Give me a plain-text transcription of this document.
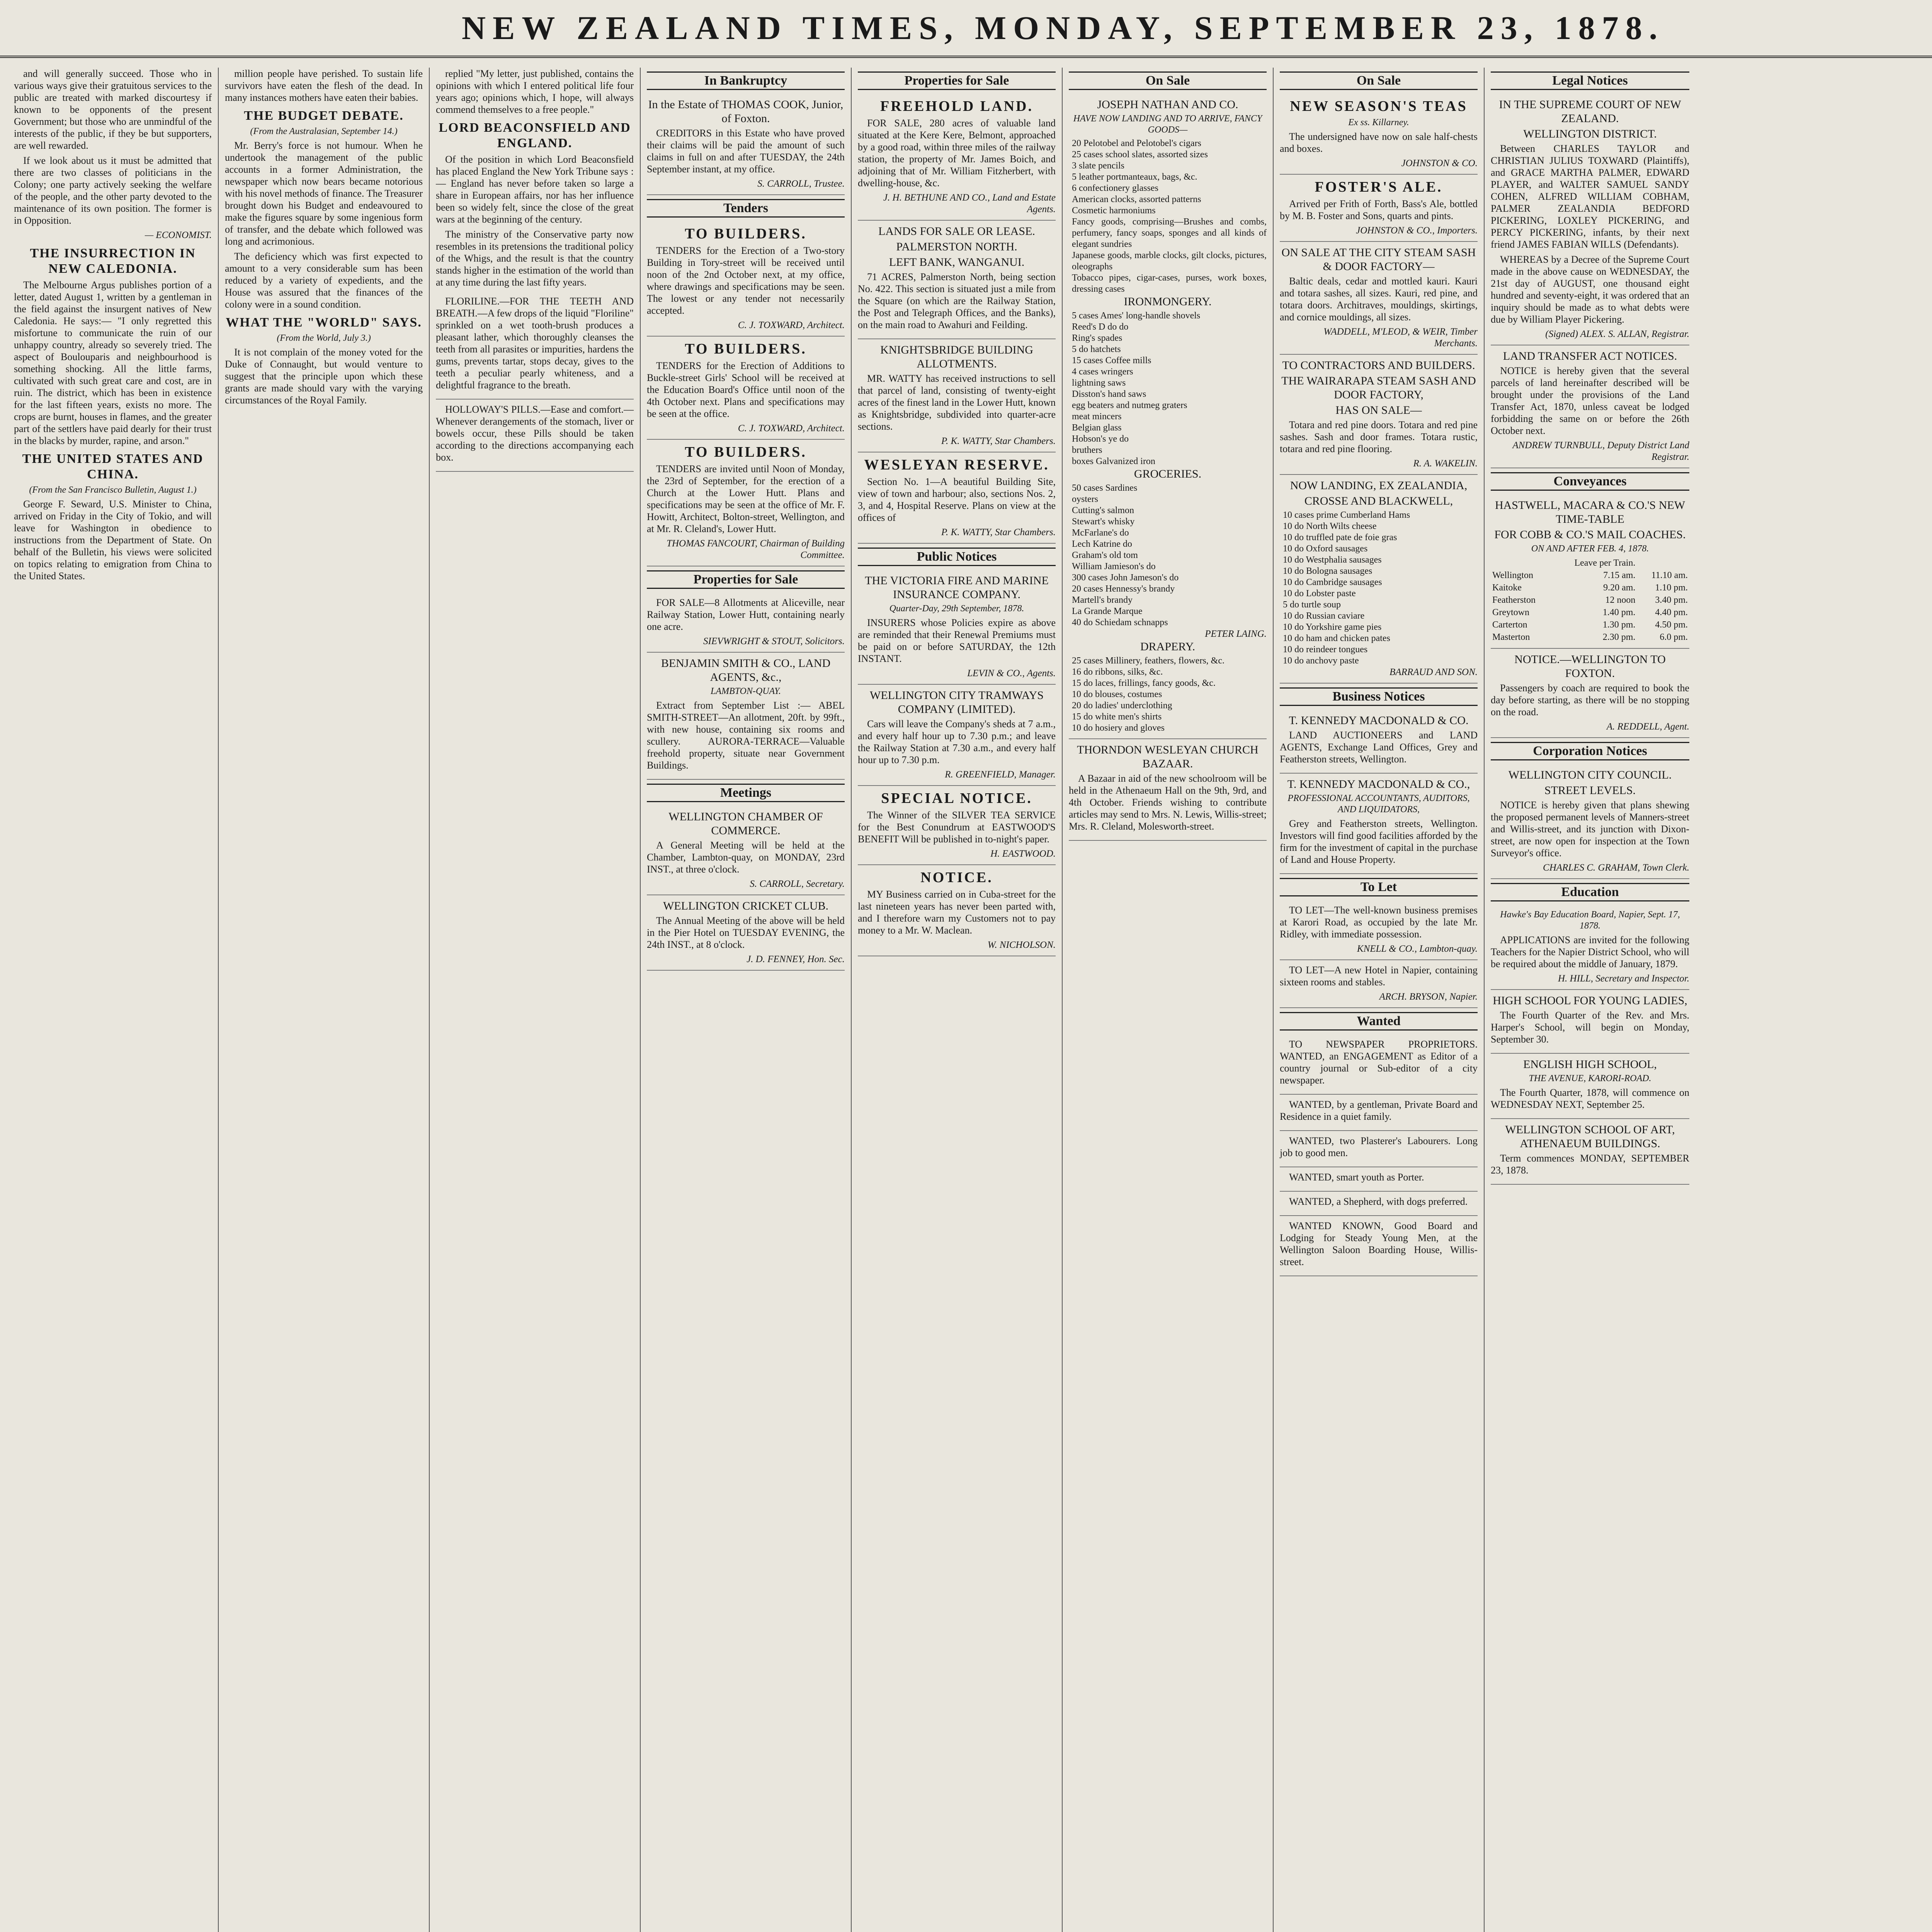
NEW ZEALAND TIMES, MONDAY, SEPTEMBER 23, 1878.

and will generally succeed. Those who in various ways give their gratuitous services to the public are treated with marked discourtesy if known to be opponents of the present Government; but those who are unmindful of the interests of the public, if they be but supporters, are well rewarded.

If we look about us it must be admitted that there are two classes of politicians in the Colony; one party actively seeking the welfare of the people, and the other party devoted to the maintenance of its own position. The former is in Opposition.

— ECONOMIST.
THE INSURRECTION IN NEW CALEDONIA.

The Melbourne Argus publishes portion of a letter, dated August 1, written by a gentleman in the field against the insurgent natives of New Caledonia. He says:— "I only regretted this misfortune to communicate the ruin of our unhappy country, already so severely tried. The aspect of Boulouparis and neighbourhood is something shocking. All the little farms, cultivated with such great care and cost, are in ruin. The district, which has been in existence for the last fifteen years, exists no more. The crops are burnt, houses in flames, and the greater part of the settlers have paid dearly for their trust in the blacks by murder, rapine, and arson."

THE UNITED STATES AND CHINA.
(From the San Francisco Bulletin, August 1.)

George F. Seward, U.S. Minister to China, arrived on Friday in the City of Tokio, and will leave for Washington in obedience to instructions from the Department of State. On behalf of the Bulletin, his views were solicited on topics relating to emigration from China to the United States.

million people have perished. To sustain life survivors have eaten the flesh of the dead. In many instances mothers have eaten their babies.

THE BUDGET DEBATE.
(From the Australasian, September 14.)

Mr. Berry's force is not humour. When he undertook the management of the public accounts in a former Administration, the newspaper which now bears became notorious with his novel methods of finance. The Treasurer brought down his Budget and endeavoured to make the figures square by some ingenious form of transfer, and the debate which followed was long and acrimonious.

The deficiency which was first expected to amount to a very considerable sum has been reduced by a variety of expedients, and the House was assured that the finances of the colony were in a sound condition.

WHAT THE "WORLD" SAYS.
(From the World, July 3.)

It is not complain of the money voted for the Duke of Connaught, but would venture to suggest that the principle upon which these grants are made should vary with the varying circumstances of the Royal Family.

replied "My letter, just published, contains the opinions with which I entered political life four years ago; opinions which, I hope, will always commend themselves to a free people."

LORD BEACONSFIELD AND ENGLAND.

Of the position in which Lord Beaconsfield has placed England the New York Tribune says :— England has never before taken so large a share in European affairs, nor has her influence been so widely felt, since the close of the great wars at the beginning of the century.

The ministry of the Conservative party now resembles in its pretensions the traditional policy of the Whigs, and the result is that the country stands higher in the estimation of the world than at any time during the last fifty years.

FLORILINE.—FOR THE TEETH AND BREATH.—A few drops of the liquid "Floriline" sprinkled on a wet tooth-brush produces a pleasant lather, which thoroughly cleanses the teeth from all parasites or impurities, hardens the gums, prevents tartar, stops decay, gives to the teeth a peculiar pearly whiteness, and a delightful fragrance to the breath.

HOLLOWAY'S PILLS.—Ease and comfort.—Whenever derangements of the stomach, liver or bowels occur, these Pills should be taken according to the directions accompanying each box.

In Bankruptcy
In the Estate of THOMAS COOK, Junior, of Foxton.

CREDITORS in this Estate who have proved their claims will be paid the amount of such claims in full on and after TUESDAY, the 24th September instant, at my office.

S. CARROLL, Trustee.
Tenders
TO BUILDERS.

TENDERS for the Erection of a Two-story Building in Tory-street will be received until noon of the 2nd October next, at my office, where drawings and specifications may be seen. The lowest or any tender not necessarily accepted.

C. J. TOXWARD, Architect.
TO BUILDERS.

TENDERS for the Erection of Additions to Buckle-street Girls' School will be received at the Education Board's Office until noon of the 4th October next. Plans and specifications may be seen at the office.

C. J. TOXWARD, Architect.
TO BUILDERS.

TENDERS are invited until Noon of Monday, the 23rd of September, for the erection of a Church at the Lower Hutt. Plans and specifications may be seen at the office of Mr. F. Howitt, Architect, Bolton-street, Wellington, and at Mr. R. Cleland's, Lower Hutt.

THOMAS FANCOURT, Chairman of Building Committee.
Properties for Sale

FOR SALE—8 Allotments at Aliceville, near Railway Station, Lower Hutt, containing nearly one acre.

SIEVWRIGHT & STOUT, Solicitors.
BENJAMIN SMITH & CO., LAND AGENTS, &c.,
LAMBTON-QUAY.

Extract from September List :— ABEL SMITH-STREET—An allotment, 20ft. by 99ft., with new house, containing six rooms and scullery. AURORA-TERRACE—Valuable freehold property, situate near Government Buildings.

Meetings
WELLINGTON CHAMBER OF COMMERCE.

A General Meeting will be held at the Chamber, Lambton-quay, on MONDAY, 23rd INST., at three o'clock.

S. CARROLL, Secretary.
WELLINGTON CRICKET CLUB.

The Annual Meeting of the above will be held in the Pier Hotel on TUESDAY EVENING, the 24th INST., at 8 o'clock.

J. D. FENNEY, Hon. Sec.
Properties for Sale
FREEHOLD LAND.

FOR SALE, 280 acres of valuable land situated at the Kere Kere, Belmont, approached by a good road, within three miles of the railway station, the property of Mr. James Boich, and adjoining that of Mr. William Fitzherbert, with dwelling-house, &c.

J. H. BETHUNE AND CO., Land and Estate Agents.
LANDS FOR SALE OR LEASE.
PALMERSTON NORTH.
LEFT BANK, WANGANUI.

71 ACRES, Palmerston North, being section No. 422. This section is situated just a mile from the Square (on which are the Railway Station, the Post and Telegraph Offices, and the Banks), on the main road to Awahuri and Feilding.

KNIGHTSBRIDGE BUILDING ALLOTMENTS.

MR. WATTY has received instructions to sell that parcel of land, consisting of twenty-eight acres of the finest land in the Lower Hutt, known as Knightsbridge, subdivided into quarter-acre sections.

P. K. WATTY, Star Chambers.
WESLEYAN RESERVE.

Section No. 1—A beautiful Building Site, view of town and harbour; also, sections Nos. 2, 3, and 4, Hospital Reserve. Plans on view at the offices of

P. K. WATTY, Star Chambers.
Public Notices
THE VICTORIA FIRE AND MARINE INSURANCE COMPANY.
Quarter-Day, 29th September, 1878.

INSURERS whose Policies expire as above are reminded that their Renewal Premiums must be paid on or before SATURDAY, the 12th INSTANT.

LEVIN & CO., Agents.
WELLINGTON CITY TRAMWAYS COMPANY (LIMITED).

Cars will leave the Company's sheds at 7 a.m., and every half hour up to 7.30 p.m.; and leave the Railway Station at 7.30 a.m., and every half hour up to 7.30 p.m.

R. GREENFIELD, Manager.
SPECIAL NOTICE.

The Winner of the SILVER TEA SERVICE for the Best Conundrum at EASTWOOD'S BENEFIT Will be published in to-night's paper.

H. EASTWOOD.
NOTICE.

MY Business carried on in Cuba-street for the last nineteen years has never been parted with, and I therefore warn my Customers not to pay money to a Mr. W. Maclean.

W. NICHOLSON.
On Sale
JOSEPH NATHAN AND CO.
HAVE NOW LANDING AND TO ARRIVE, FANCY GOODS—
20 Pelotobel and Pelotobel's cigars
25 cases school slates, assorted sizes
3 slate pencils
5 leather portmanteaux, bags, &c.
6 confectionery glasses
American clocks, assorted patterns
Cosmetic harmoniums
Fancy goods, comprising—Brushes and combs, perfumery, fancy soaps, sponges and all kinds of elegant sundries
Japanese goods, marble clocks, gilt clocks, pictures, oleographs
Tobacco pipes, cigar-cases, purses, work boxes, dressing cases
IRONMONGERY.
5 cases Ames' long-handle shovels
Reed's D do do
Ring's spades
5 do hatchets
15 cases Coffee mills
4 cases wringers
lightning saws
Disston's hand saws
egg beaters and nutmeg graters
meat mincers
Belgian glass
Hobson's ye do
bruthers
boxes Galvanized iron
GROCERIES.
50 cases Sardines
oysters
Cutting's salmon
Stewart's whisky
McFarlane's do
Lech Katrine do
Graham's old tom
William Jamieson's do
300 cases John Jameson's do
20 cases Hennessy's brandy
Martell's brandy
La Grande Marque
40 do Schiedam schnapps
PETER LAING.
DRAPERY.
25 cases Millinery, feathers, flowers, &c.
16 do ribbons, silks, &c.
15 do laces, frillings, fancy goods, &c.
10 do blouses, costumes
20 do ladies' underclothing
15 do white men's shirts
10 do hosiery and gloves
THORNDON WESLEYAN CHURCH BAZAAR.

A Bazaar in aid of the new schoolroom will be held in the Athenaeum Hall on the 9th, 9rd, and 4th October. Friends wishing to contribute articles may send to Mrs. N. Lewis, Willis-street; Mrs. R. Cleland, Molesworth-street.

On Sale
NEW SEASON'S TEAS
Ex ss. Killarney.

The undersigned have now on sale half-chests and boxes.

JOHNSTON & CO.
FOSTER'S ALE.

Arrived per Frith of Forth, Bass's Ale, bottled by M. B. Foster and Sons, quarts and pints.

JOHNSTON & CO., Importers.
ON SALE AT THE CITY STEAM SASH & DOOR FACTORY—

Baltic deals, cedar and mottled kauri. Kauri and totara sashes, all sizes. Kauri, red pine, and totara doors. Architraves, mouldings, skirtings, and cornice mouldings, all sizes.

WADDELL, M'LEOD, & WEIR, Timber Merchants.
TO CONTRACTORS AND BUILDERS.
THE WAIRARAPA STEAM SASH AND DOOR FACTORY,
HAS ON SALE—

Totara and red pine doors. Totara and red pine sashes. Sash and door frames. Totara rustic, totara and red pine flooring.

R. A. WAKELIN.
NOW LANDING, EX ZEALANDIA,
CROSSE AND BLACKWELL,
10 cases prime Cumberland Hams
10 do North Wilts cheese
10 do truffled pate de foie gras
10 do Oxford sausages
10 do Westphalia sausages
10 do Bologna sausages
10 do Cambridge sausages
10 do Lobster paste
5 do turtle soup
10 do Russian caviare
10 do Yorkshire game pies
10 do ham and chicken pates
10 do reindeer tongues
10 do anchovy paste
BARRAUD AND SON.
Business Notices
T. KENNEDY MACDONALD & CO.

LAND AUCTIONEERS and LAND AGENTS, Exchange Land Offices, Grey and Featherston streets, Wellington.

T. KENNEDY MACDONALD & CO.,
PROFESSIONAL ACCOUNTANTS, AUDITORS, AND LIQUIDATORS,

Grey and Featherston streets, Wellington. Investors will find good facilities afforded by the firm for the investment of capital in the purchase of Land and House Property.

To Let

TO LET—The well-known business premises at Karori Road, as occupied by the late Mr. Ridley, with immediate possession.

KNELL & CO., Lambton-quay.

TO LET—A new Hotel in Napier, containing sixteen rooms and stables.

ARCH. BRYSON, Napier.
Wanted

TO NEWSPAPER PROPRIETORS. WANTED, an ENGAGEMENT as Editor of a country journal or Sub-editor of a city newspaper.

WANTED, by a gentleman, Private Board and Residence in a quiet family.

WANTED, two Plasterer's Labourers. Long job to good men.

WANTED, smart youth as Porter.

WANTED, a Shepherd, with dogs preferred.

WANTED KNOWN, Good Board and Lodging for Steady Young Men, at the Wellington Saloon Boarding House, Willis-street.

Legal Notices
IN THE SUPREME COURT OF NEW ZEALAND.
WELLINGTON DISTRICT.

Between CHARLES TAYLOR and CHRISTIAN JULIUS TOXWARD (Plaintiffs), and GRACE MARTHA PALMER, EDWARD PLAYER, and WALTER SAMUEL SANDY COHEN, ALFRED WILLIAM COBHAM, PALMER ZEALANDIA BEDFORD PICKERING, LOXLEY PICKERING, and PERCY PICKERING, infants, by their next friend JAMES FABIAN WILLS (Defendants).

WHEREAS by a Decree of the Supreme Court made in the above cause on WEDNESDAY, the 21st day of AUGUST, one thousand eight hundred and seventy-eight, it was ordered that an inquiry should be made as to what debts were due by William Player Pickering.

(Signed) ALEX. S. ALLAN, Registrar.
LAND TRANSFER ACT NOTICES.

NOTICE is hereby given that the several parcels of land hereinafter described will be brought under the provisions of the Land Transfer Act, 1870, unless caveat be lodged forbidding the same on or before the 26th October next.

ANDREW TURNBULL, Deputy District Land Registrar.
Conveyances
HASTWELL, MACARA & CO.'S NEW TIME-TABLE
FOR COBB & CO.'S MAIL COACHES.
ON AND AFTER FEB. 4, 1878.
	Leave per Train.	
Wellington	7.15 am.	11.10 am.
Kaitoke	9.20 am.	1.10 pm.
Featherston	12 noon	3.40 pm.
Greytown	1.40 pm.	4.40 pm.
Carterton	1.30 pm.	4.50 pm.
Masterton	2.30 pm.	6.0 pm.
NOTICE.—WELLINGTON TO FOXTON.

Passengers by coach are required to book the day before starting, as there will be no stopping on the road.

A. REDDELL, Agent.
Corporation Notices
WELLINGTON CITY COUNCIL.
STREET LEVELS.

NOTICE is hereby given that plans shewing the proposed permanent levels of Manners-street and Willis-street, and its junction with Dixon-street, are now open for inspection at the Town Surveyor's office.

CHARLES C. GRAHAM, Town Clerk.
Education
Hawke's Bay Education Board, Napier, Sept. 17, 1878.

APPLICATIONS are invited for the following Teachers for the Napier District School, who will be required about the middle of January, 1879.

H. HILL, Secretary and Inspector.
HIGH SCHOOL FOR YOUNG LADIES,

The Fourth Quarter of the Rev. and Mrs. Harper's School, will begin on Monday, September 30.

ENGLISH HIGH SCHOOL,
THE AVENUE, KARORI-ROAD.

The Fourth Quarter, 1878, will commence on WEDNESDAY NEXT, September 25.

WELLINGTON SCHOOL OF ART, ATHENAEUM BUILDINGS.

Term commences MONDAY, SEPTEMBER 23, 1878.
